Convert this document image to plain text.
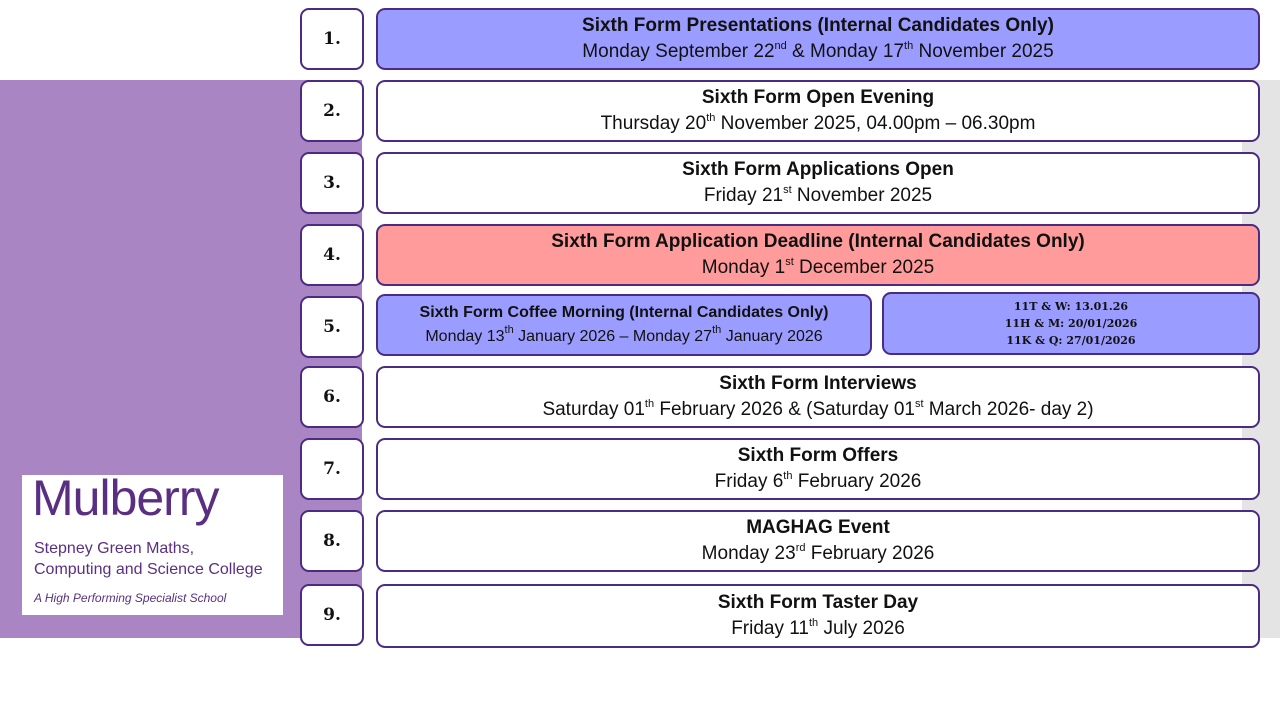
1.
Sixth Form Presentations (Internal Candidates Only)
Monday September 22nd & Monday 17th November 2025
2.
Sixth Form Open Evening
Thursday 20th November 2025, 04.00pm – 06.30pm
3.
Sixth Form Applications Open
Friday 21st November 2025
4.
Sixth Form Application Deadline (Internal Candidates Only)
Monday 1st December 2025
5.
Sixth Form Coffee Morning (Internal Candidates Only)
Monday 13th January 2026 – Monday 27th January 2026
11T & W: 13.01.26
11H & M: 20/01/2026
11K & Q: 27/01/2026
6.
Sixth Form Interviews
Saturday 01th February 2026 & (Saturday 01st March 2026- day 2)
7.
Sixth Form Offers
Friday 6th February 2026
8.
MAGHAG Event
Monday 23rd February 2026
9.
Sixth Form Taster Day
Friday 11th July 2026
Mulberry
Stepney Green Maths,
Computing and Science College
A High Performing Specialist School
